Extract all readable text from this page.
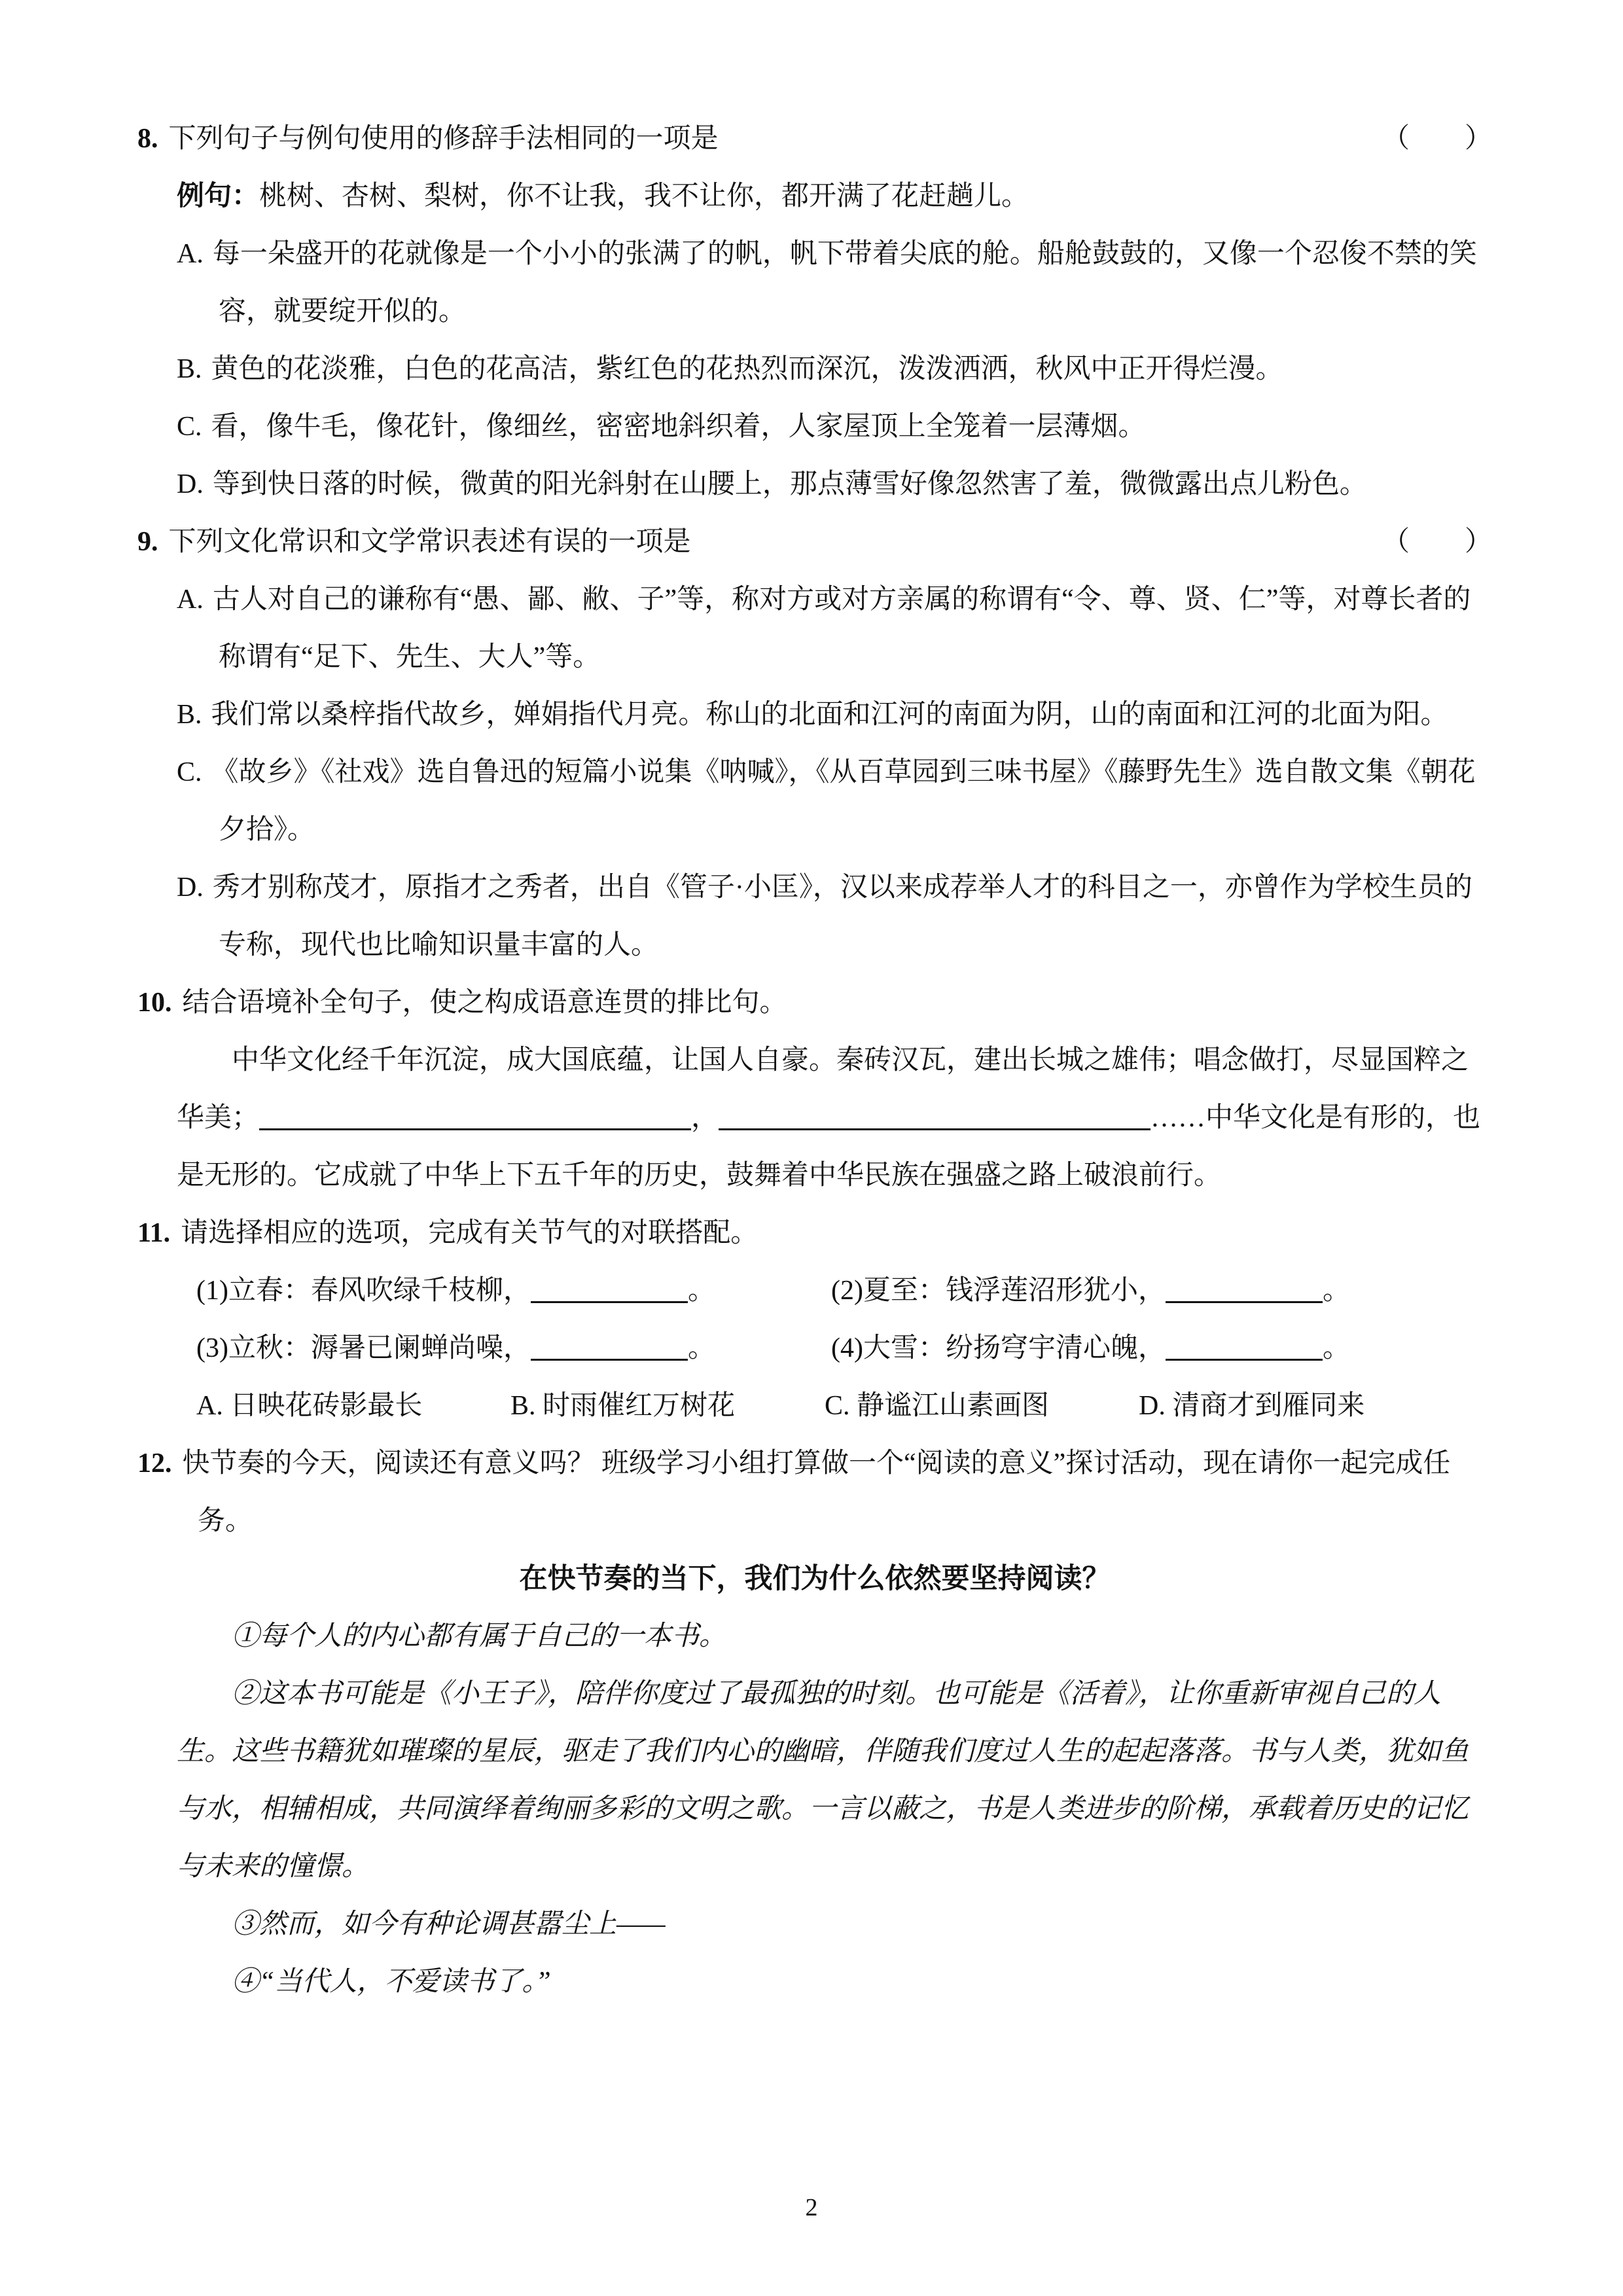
8. 下列句子与例句使用的修辞手法相同的一项是	（　　）

例句：桃树、杏树、梨树，你不让我，我不让你，都开满了花赶趟儿。

A. 每一朵盛开的花就像是一个小小的张满了的帆，帆下带着尖底的舱。船舱鼓鼓的，又像一个忍俊不禁的笑容，就要绽开似的。

B. 黄色的花淡雅，白色的花高洁，紫红色的花热烈而深沉，泼泼洒洒，秋风中正开得烂漫。

C. 看，像牛毛，像花针，像细丝，密密地斜织着，人家屋顶上全笼着一层薄烟。

D. 等到快日落的时候，微黄的阳光斜射在山腰上，那点薄雪好像忽然害了羞，微微露出点儿粉色。

9. 下列文化常识和文学常识表述有误的一项是	（　　）

A. 古人对自己的谦称有“愚、鄙、敝、子”等，称对方或对方亲属的称谓有“令、尊、贤、仁”等，对尊长者的称谓有“足下、先生、大人”等。

B. 我们常以桑梓指代故乡，婵娟指代月亮。称山的北面和江河的南面为阴，山的南面和江河的北面为阳。

C. 《故乡》《社戏》选自鲁迅的短篇小说集《呐喊》，《从百草园到三味书屋》《藤野先生》选自散文集《朝花夕拾》。

D. 秀才别称茂才，原指才之秀者，出自《管子·小匡》，汉以来成荐举人才的科目之一，亦曾作为学校生员的专称，现代也比喻知识量丰富的人。

10. 结合语境补全句子，使之构成语意连贯的排比句。

中华文化经千年沉淀，成大国底蕴，让国人自豪。秦砖汉瓦，建出长城之雄伟；唱念做打，尽显国粹之华美；	，	……中华文化是有形的，也是无形的。它成就了中华上下五千年的历史，鼓舞着中华民族在强盛之路上破浪前行。

11. 请选择相应的选项，完成有关节气的对联搭配。

(1)立春：春风吹绿千枝柳，	。	(2)夏至：钱浮莲沼形犹小，	。

(3)立秋：溽暑已阑蝉尚噪，	。	(4)大雪：纷扬穹宇清心魄，	。

A. 日映花砖影最长	B. 时雨催红万树花	C. 静谧江山素画图	D. 清商才到雁同来

12. 快节奏的今天，阅读还有意义吗？ 班级学习小组打算做一个“阅读的意义”探讨活动，现在请你一起完成任务。

在快节奏的当下，我们为什么依然要坚持阅读？

①每个人的内心都有属于自己的一本书。

②这本书可能是《小王子》，陪伴你度过了最孤独的时刻。也可能是《活着》，让你重新审视自己的人生。这些书籍犹如璀璨的星辰，驱走了我们内心的幽暗，伴随我们度过人生的起起落落。书与人类，犹如鱼与水，相辅相成，共同演绎着绚丽多彩的文明之歌。一言以蔽之，书是人类进步的阶梯，承载着历史的记忆与未来的憧憬。

③然而，如今有种论调甚嚣尘上——

④“当代人，不爱读书了。”

2
